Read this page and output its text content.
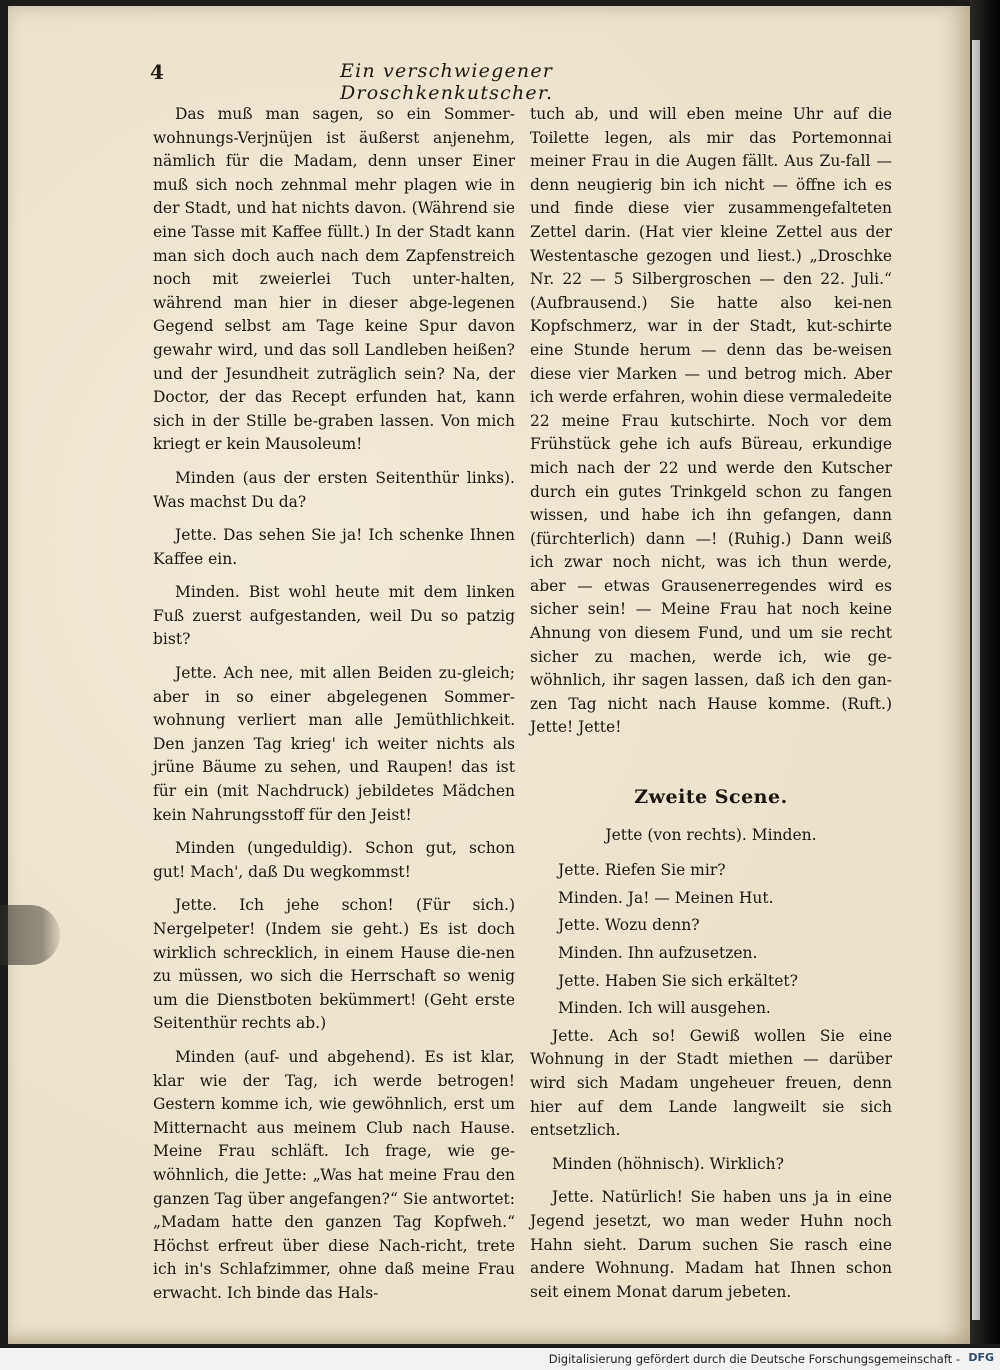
4	Ein verschwiegener Droschkenkutscher.

Das muß man sagen, so ein Sommer-wohnungs-Verjnüjen ist äußerst anjenehm, nämlich für die Madam, denn unser Einer muß sich noch zehnmal mehr plagen wie in der Stadt, und hat nichts davon. (Während sie eine Tasse mit Kaffee füllt.) In der Stadt kann man sich doch auch nach dem Zapfenstreich noch mit zweierlei Tuch unter-halten, während man hier in dieser abge-legenen Gegend selbst am Tage keine Spur davon gewahr wird, und das soll Landleben heißen? und der Jesundheit zuträglich sein? Na, der Doctor, der das Recept erfunden hat, kann sich in der Stille be-graben lassen. Von mich kriegt er kein Mausoleum!

Minden (aus der ersten Seitenthür links). Was machst Du da?

Jette. Das sehen Sie ja! Ich schenke Ihnen Kaffee ein.

Minden. Bist wohl heute mit dem linken Fuß zuerst aufgestanden, weil Du so patzig bist?

Jette. Ach nee, mit allen Beiden zu-gleich; aber in so einer abgelegenen Sommer-wohnung verliert man alle Jemüthlichkeit. Den janzen Tag krieg' ich weiter nichts als jrüne Bäume zu sehen, und Raupen! das ist für ein (mit Nachdruck) jebildetes Mädchen kein Nahrungsstoff für den Jeist!

Minden (ungeduldig). Schon gut, schon gut! Mach', daß Du wegkommst!

Jette. Ich jehe schon! (Für sich.) Nergelpeter! (Indem sie geht.) Es ist doch wirklich schrecklich, in einem Hause die-nen zu müssen, wo sich die Herrschaft so wenig um die Dienstboten bekümmert! (Geht erste Seitenthür rechts ab.)

Minden (auf- und abgehend). Es ist klar, klar wie der Tag, ich werde betrogen! Gestern komme ich, wie gewöhnlich, erst um Mitternacht aus meinem Club nach Hause. Meine Frau schläft. Ich frage, wie ge-wöhnlich, die Jette: „Was hat meine Frau den ganzen Tag über angefangen?“ Sie antwortet: „Madam hatte den ganzen Tag Kopfweh.“ Höchst erfreut über diese Nach-richt, trete ich in's Schlafzimmer, ohne daß meine Frau erwacht. Ich binde das Hals-

tuch ab, und will eben meine Uhr auf die Toilette legen, als mir das Portemonnai meiner Frau in die Augen fällt. Aus Zu-fall — denn neugierig bin ich nicht — öffne ich es und finde diese vier zusammengefalteten Zettel darin. (Hat vier kleine Zettel aus der Westentasche gezogen und liest.) „Droschke Nr. 22 — 5 Silbergroschen — den 22. Juli.“ (Aufbrausend.) Sie hatte also kei-nen Kopfschmerz, war in der Stadt, kut-schirte eine Stunde herum — denn das be-weisen diese vier Marken — und betrog mich. Aber ich werde erfahren, wohin diese vermaledeite 22 meine Frau kutschirte. Noch vor dem Frühstück gehe ich aufs Büreau, erkundige mich nach der 22 und werde den Kutscher durch ein gutes Trinkgeld schon zu fangen wissen, und habe ich ihn gefangen, dann (fürchterlich) dann —! (Ruhig.) Dann weiß ich zwar noch nicht, was ich thun werde, aber — etwas Grausenerregendes wird es sicher sein! — Meine Frau hat noch keine Ahnung von diesem Fund, und um sie recht sicher zu machen, werde ich, wie ge-wöhnlich, ihr sagen lassen, daß ich den gan-zen Tag nicht nach Hause komme. (Ruft.) Jette! Jette!

Zweite Scene.
Jette (von rechts). Minden.

Jette. Riefen Sie mir?

Minden. Ja! — Meinen Hut.

Jette. Wozu denn?

Minden. Ihn aufzusetzen.

Jette. Haben Sie sich erkältet?

Minden. Ich will ausgehen.

Jette. Ach so! Gewiß wollen Sie eine Wohnung in der Stadt miethen — darüber wird sich Madam ungeheuer freuen, denn hier auf dem Lande langweilt sie sich entsetzlich.

Minden (höhnisch). Wirklich?

Jette. Natürlich! Sie haben uns ja in eine Jegend jesetzt, wo man weder Huhn noch Hahn sieht. Darum suchen Sie rasch eine andere Wohnung. Madam hat Ihnen schon seit einem Monat darum jebeten.

Digitalisierung gefördert durch die Deutsche Forschungsgemeinschaft - DFG
